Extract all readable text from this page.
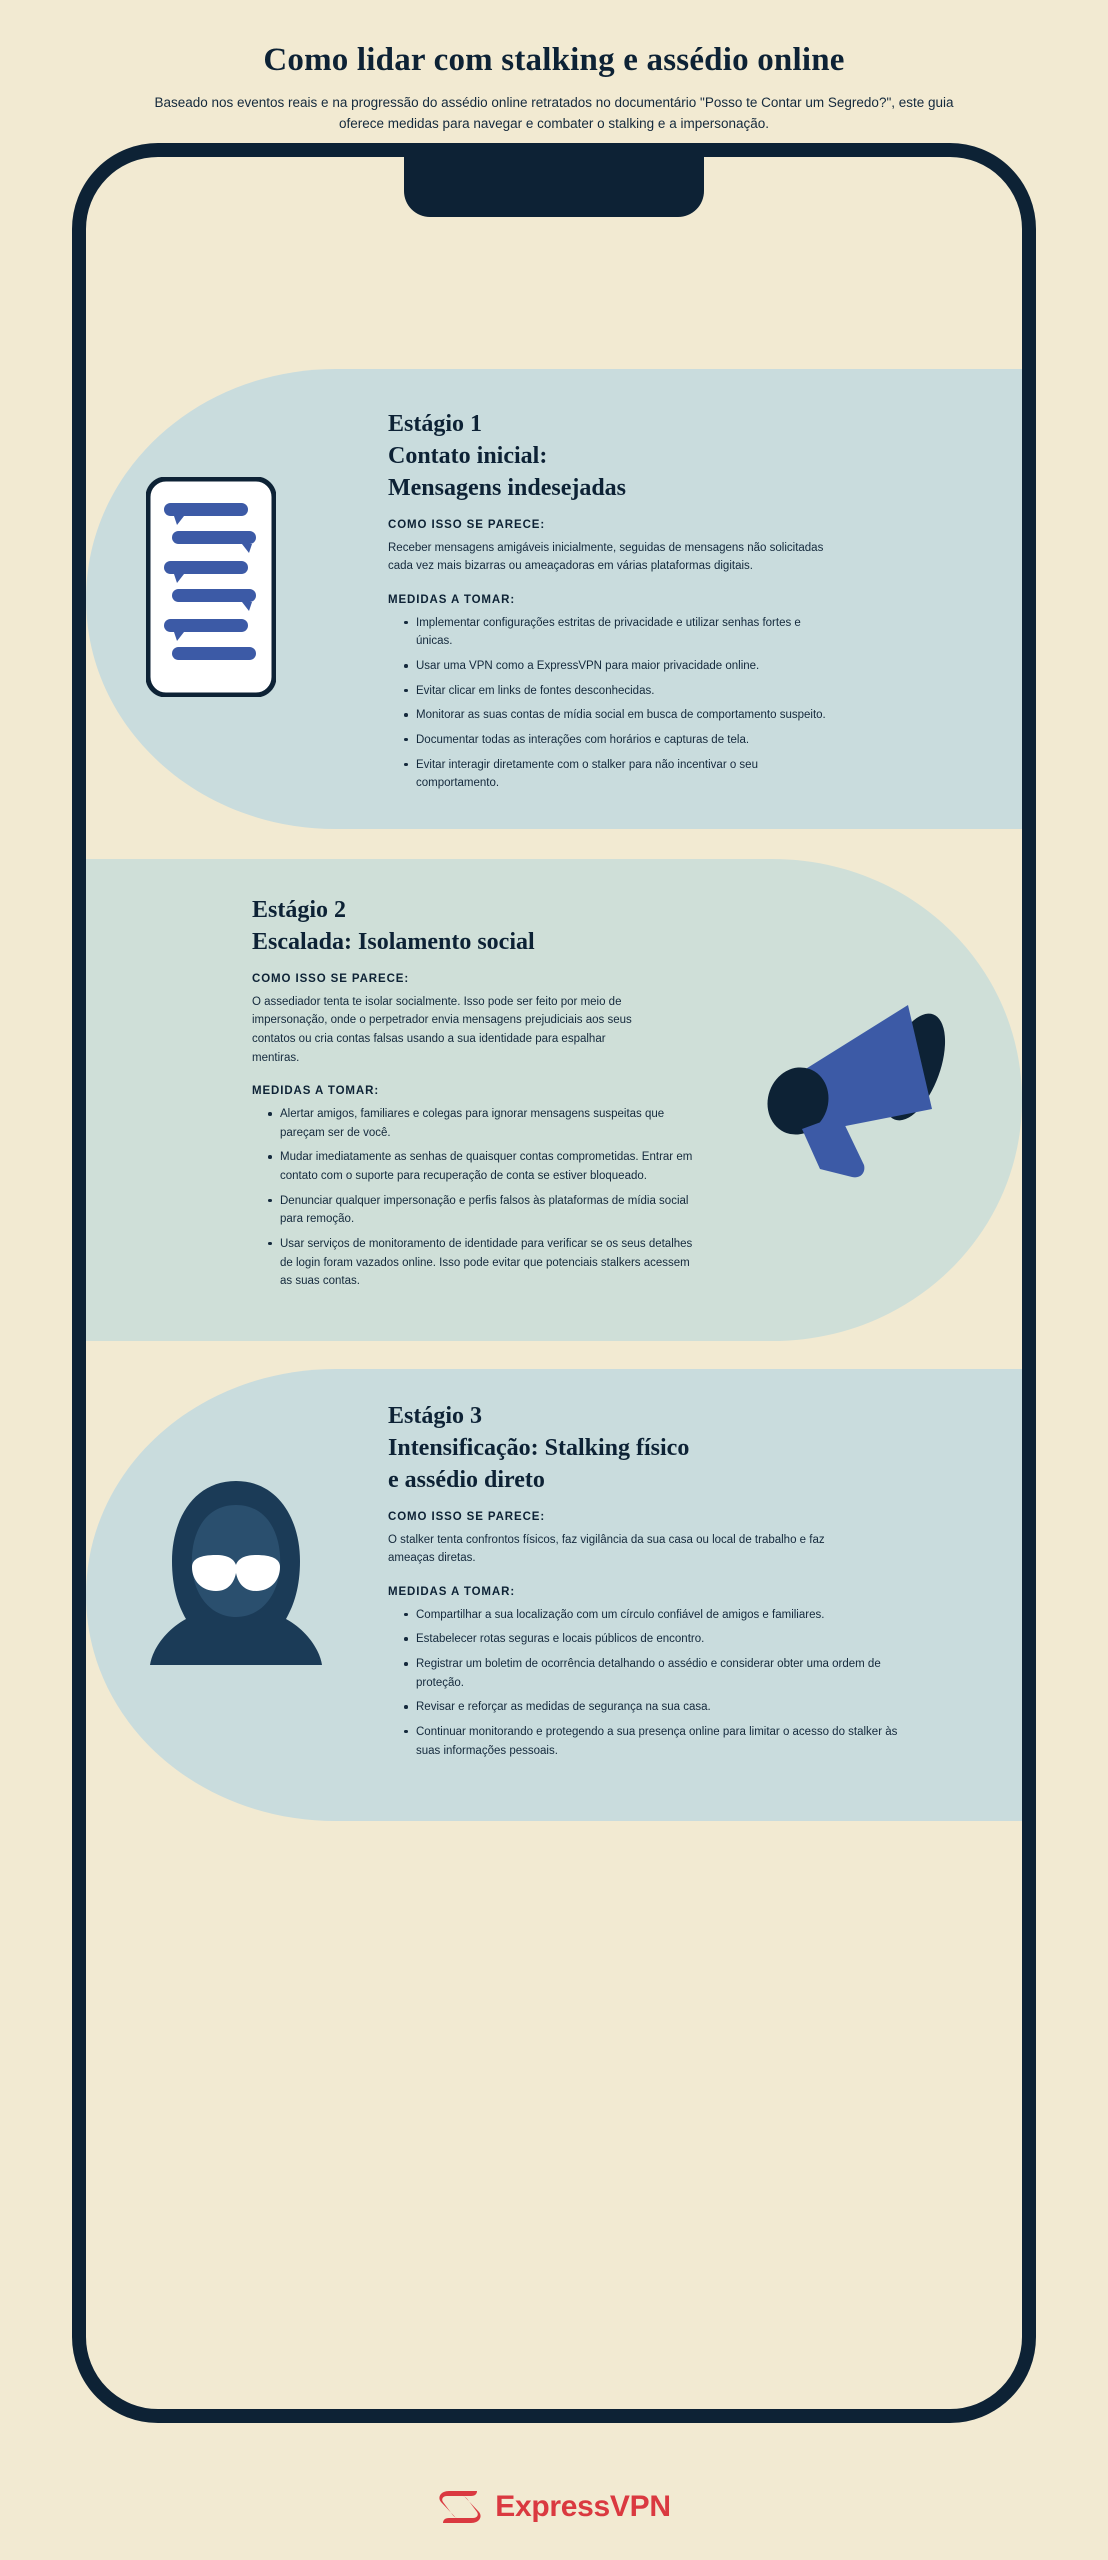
Como lidar com stalking e assédio online

Baseado nos eventos reais e na progressão do assédio online retratados no documentário "Posso te Contar um Segredo?", este guia oferece medidas para navegar e combater o stalking e a impersonação.

Estágio 1
Contato inicial:
Mensagens indesejadas
COMO ISSO SE PARECE:
Receber mensagens amigáveis inicialmente, seguidas de mensagens não solicitadas cada vez mais bizarras ou ameaçadoras em várias plataformas digitais.
MEDIDAS A TOMAR:
Implementar configurações estritas de privacidade e utilizar senhas fortes e únicas.
Usar uma VPN como a ExpressVPN para maior privacidade online.
Evitar clicar em links de fontes desconhecidas.
Monitorar as suas contas de mídia social em busca de comportamento suspeito.
Documentar todas as interações com horários e capturas de tela.
Evitar interagir diretamente com o stalker para não incentivar o seu comportamento.
Estágio 2
Escalada: Isolamento social
COMO ISSO SE PARECE:
O assediador tenta te isolar socialmente. Isso pode ser feito por meio de impersonação, onde o perpetrador envia mensagens prejudiciais aos seus contatos ou cria contas falsas usando a sua identidade para espalhar mentiras.
MEDIDAS A TOMAR:
Alertar amigos, familiares e colegas para ignorar mensagens suspeitas que pareçam ser de você.
Mudar imediatamente as senhas de quaisquer contas comprometidas. Entrar em contato com o suporte para recuperação de conta se estiver bloqueado.
Denunciar qualquer impersonação e perfis falsos às plataformas de mídia social para remoção.
Usar serviços de monitoramento de identidade para verificar se os seus detalhes de login foram vazados online. Isso pode evitar que potenciais stalkers acessem as suas contas.
Estágio 3
Intensificação: Stalking físico
e assédio direto
COMO ISSO SE PARECE:
O stalker tenta confrontos físicos, faz vigilância da sua casa ou local de trabalho e faz ameaças diretas.
MEDIDAS A TOMAR:
Compartilhar a sua localização com um círculo confiável de amigos e familiares.
Estabelecer rotas seguras e locais públicos de encontro.
Registrar um boletim de ocorrência detalhando o assédio e considerar obter uma ordem de proteção.
Revisar e reforçar as medidas de segurança na sua casa.
Continuar monitorando e protegendo a sua presença online para limitar o acesso do stalker às suas informações pessoais.
ExpressVPN
